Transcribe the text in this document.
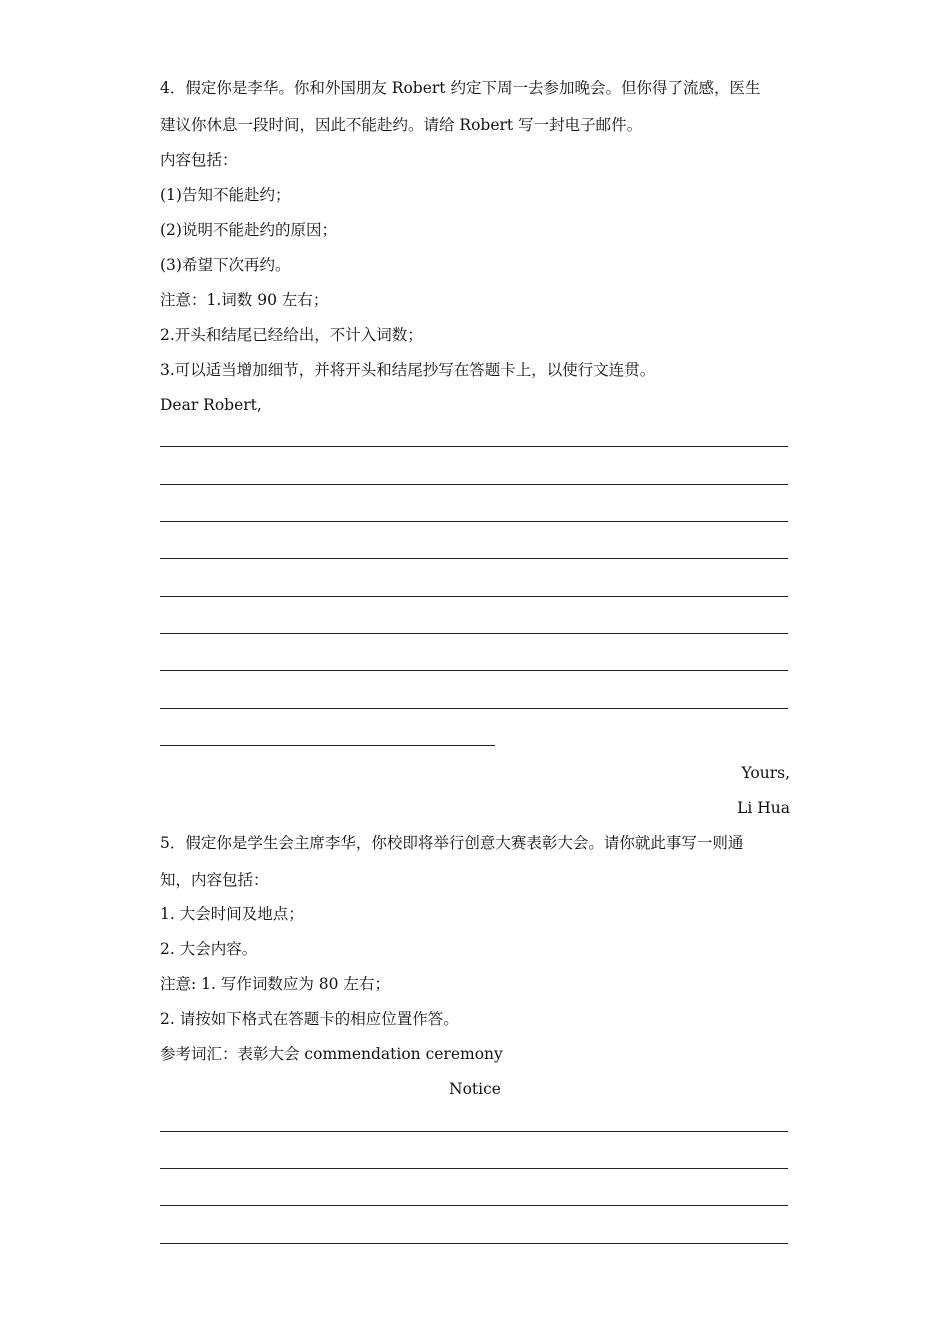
4．假定你是李华。你和外国朋友 Robert 约定下周一去参加晚会。但你得了流感，医生
建议你休息一段时间，因此不能赴约。请给 Robert 写一封电子邮件。
内容包括：
(1)告知不能赴约；
(2)说明不能赴约的原因；
(3)希望下次再约。
注意：1.词数 90 左右；
2.开头和结尾已经给出，不计入词数；
3.可以适当增加细节，并将开头和结尾抄写在答题卡上，以使行文连贯。
Dear Robert,
Yours,
Li Hua
5．假定你是学生会主席李华，你校即将举行创意大赛表彰大会。请你就此事写一则通
知，内容包括：
1. 大会时间及地点；
2. 大会内容。
注意: 1. 写作词数应为 80 左右；
2. 请按如下格式在答题卡的相应位置作答。
参考词汇：表彰大会 commendation ceremony
Notice
